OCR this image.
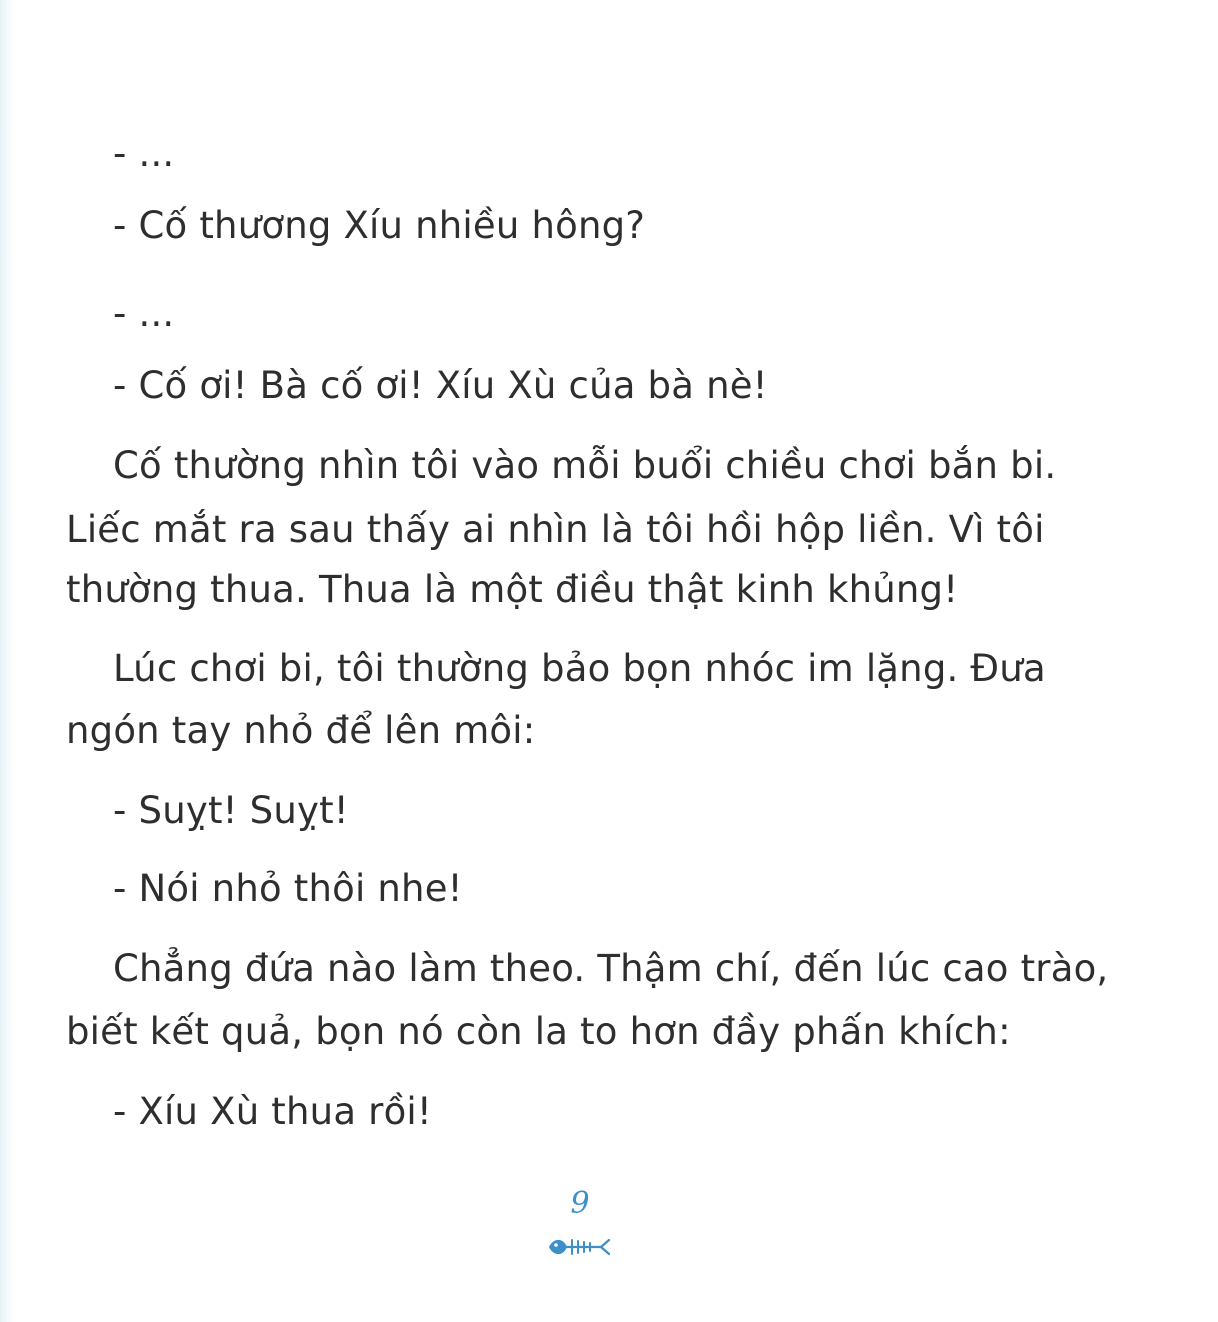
- ...
- Cố thương Xíu nhiều hông?
- ...
- Cố ơi! Bà cố ơi! Xíu Xù của bà nè!
Cố thường nhìn tôi vào mỗi buổi chiều chơi bắn bi.
Liếc mắt ra sau thấy ai nhìn là tôi hồi hộp liền. Vì tôi
thường thua. Thua là một điều thật kinh khủng!
Lúc chơi bi, tôi thường bảo bọn nhóc im lặng. Đưa
ngón tay nhỏ để lên môi:
- Suỵt! Suỵt!
- Nói nhỏ thôi nhe!
Chẳng đứa nào làm theo. Thậm chí, đến lúc cao trào,
biết kết quả, bọn nó còn la to hơn đầy phấn khích:
- Xíu Xù thua rồi!
9
